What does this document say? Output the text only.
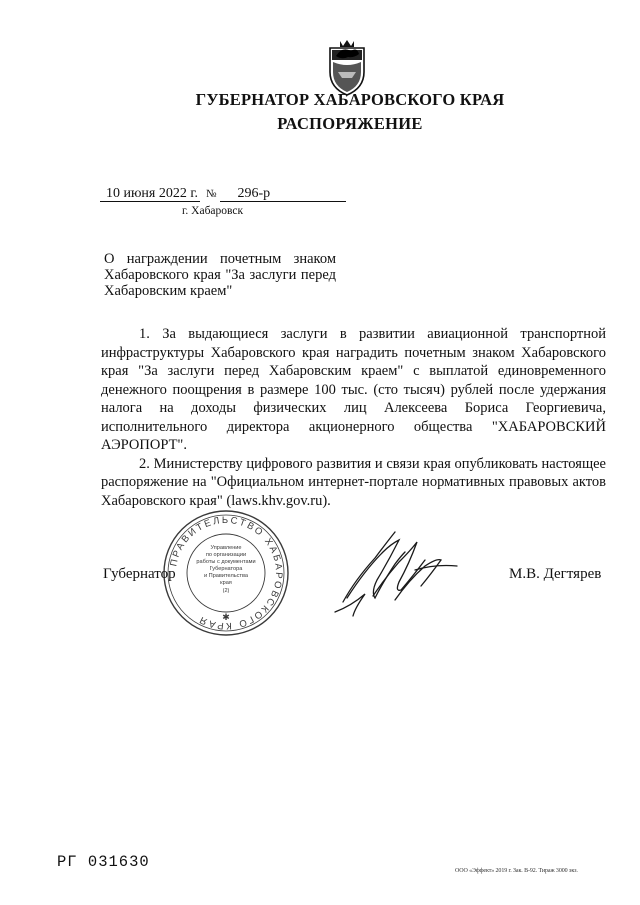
ГУБЕРНАТОР ХАБАРОВСКОГО КРАЯ
РАСПОРЯЖЕНИЕ
10 июня 2022 г. № 296-р
г. Хабаровск
О награждении почетным знаком Хабаровского края "За заслуги перед Хабаровским краем"

1. За выдающиеся заслуги в развитии авиационной транспортной инфраструктуры Хабаровского края наградить почетным знаком Хабаровского края "За заслуги перед Хабаровским краем" с выплатой единовременного денежного поощрения в размере 100 тыс. (сто тысяч) рублей после удержания налога на доходы физических лиц Алексеева Бориса Георгиевича, исполнительного директора акционерного общества "ХАБАРОВСКИЙ АЭРОПОРТ".

2. Министерству цифрового развития и связи края опубликовать настоящее распоряжение на "Официальном интернет-портале нормативных правовых актов Хабаровского края" (laws.khv.gov.ru).

ПРАВИТЕЛЬСТВО ХАБАРОВСКОГО КРАЯ	✱
Управление
по организации
работы с документами
Губернатора
и Правительства
края
(2)
Губернатор	М.В. Дегтярев
РГ 031630	ООО «Эффект» 2019 г. Зак. В-92. Тираж 3000 экз.
